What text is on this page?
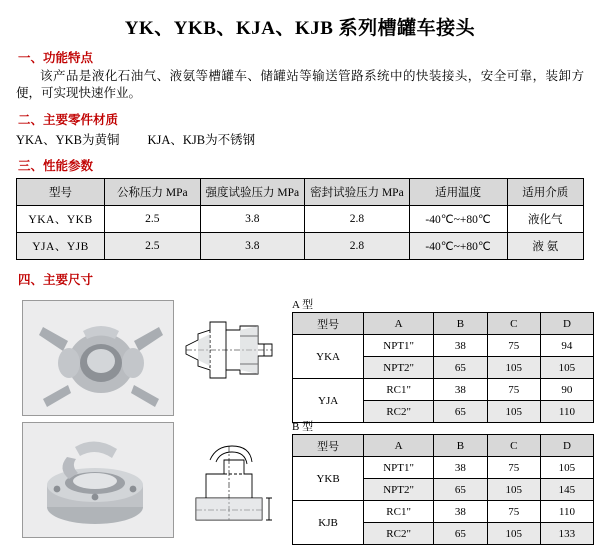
YK、YKB、KJA、KJB 系列槽罐车接头
一、功能特点
该产品是液化石油气、液氨等槽罐车、储罐站等输送管路系统中的快装接头，安全可靠，装卸方便，可实现快速作业。
二、主要零件材质
YKA、YKB为黄铜 KJA、KJB为不锈钢
三、性能参数
型号	公称压力 MPa	强度试验压力 MPa	密封试验压力 MPa	适用温度	适用介质
YKA、YKB	2.5	3.8	2.8	-40℃~+80℃	液化气
YJA、YJB	2.5	3.8	2.8	-40℃~+80℃	液 氨
四、主要尺寸
A 型
型号	A	B	C	D
YKA	NPT1"	38	75	94
	NPT2"	65	105	105
YJA	RC1"	38	75	90
	RC2"	65	105	110
B 型
型号	A	B	C	D
YKB	NPT1"	38	75	105
	NPT2"	65	105	145
KJB	RC1"	38	75	110
	RC2"	65	105	133
